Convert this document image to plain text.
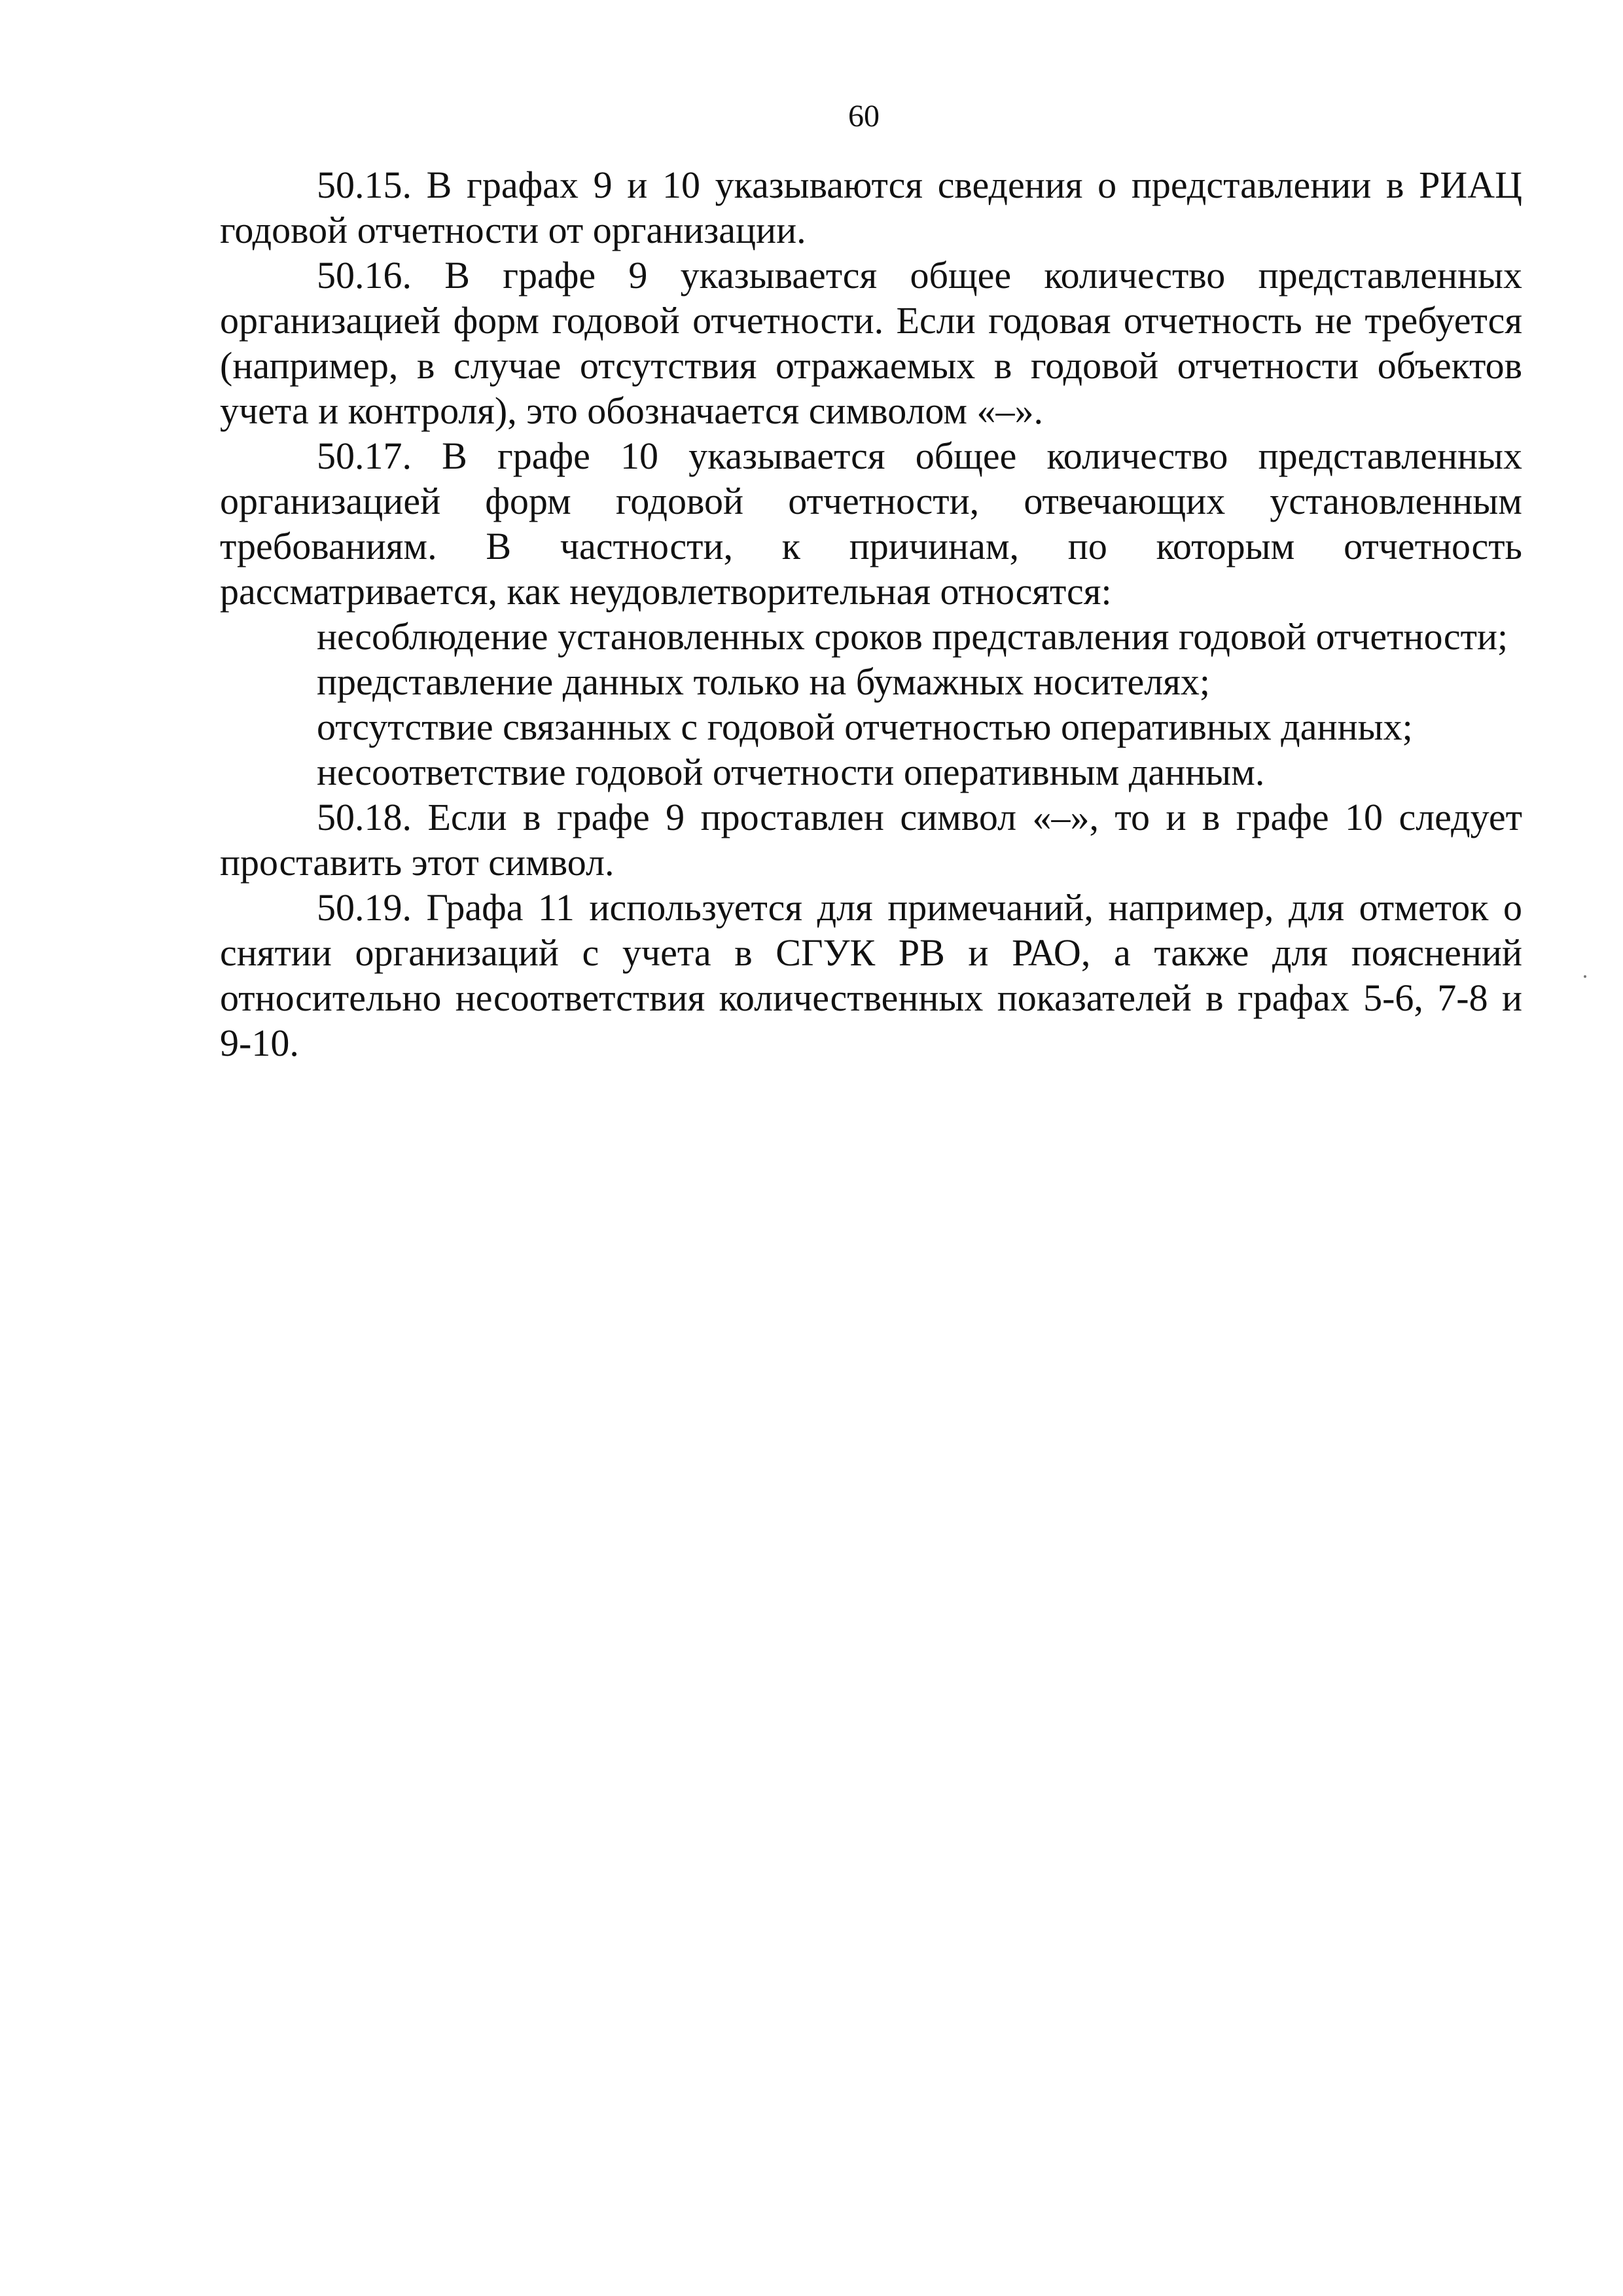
60

50.15. В графах 9 и 10 указываются сведения о представлении в РИАЦ годовой отчетности от организации.

50.16. В графе 9 указывается общее количество представленных организацией форм годовой отчетности. Если годовая отчетность не требуется (например, в случае отсутствия отражаемых в годовой отчетности объектов учета и контроля), это обозначается символом «–».

50.17. В графе 10 указывается общее количество представленных организацией форм годовой отчетности, отвечающих установленным требованиям. В частности, к причинам, по которым отчетность рассматривается, как неудовлетворительная относятся:

несоблюдение установленных сроков представления годовой отчетности;

представление данных только на бумажных носителях;

отсутствие связанных с годовой отчетностью оперативных данных;

несоответствие годовой отчетности оперативным данным.

50.18. Если в графе 9 проставлен символ «–», то и в графе 10 следует проставить этот символ.

50.19. Графа 11 используется для примечаний, например, для отметок о снятии организаций с учета в СГУК РВ и РАО, а также для пояснений относительно несоответствия количественных показателей в графах 5-6, 7-8 и 9-10.
